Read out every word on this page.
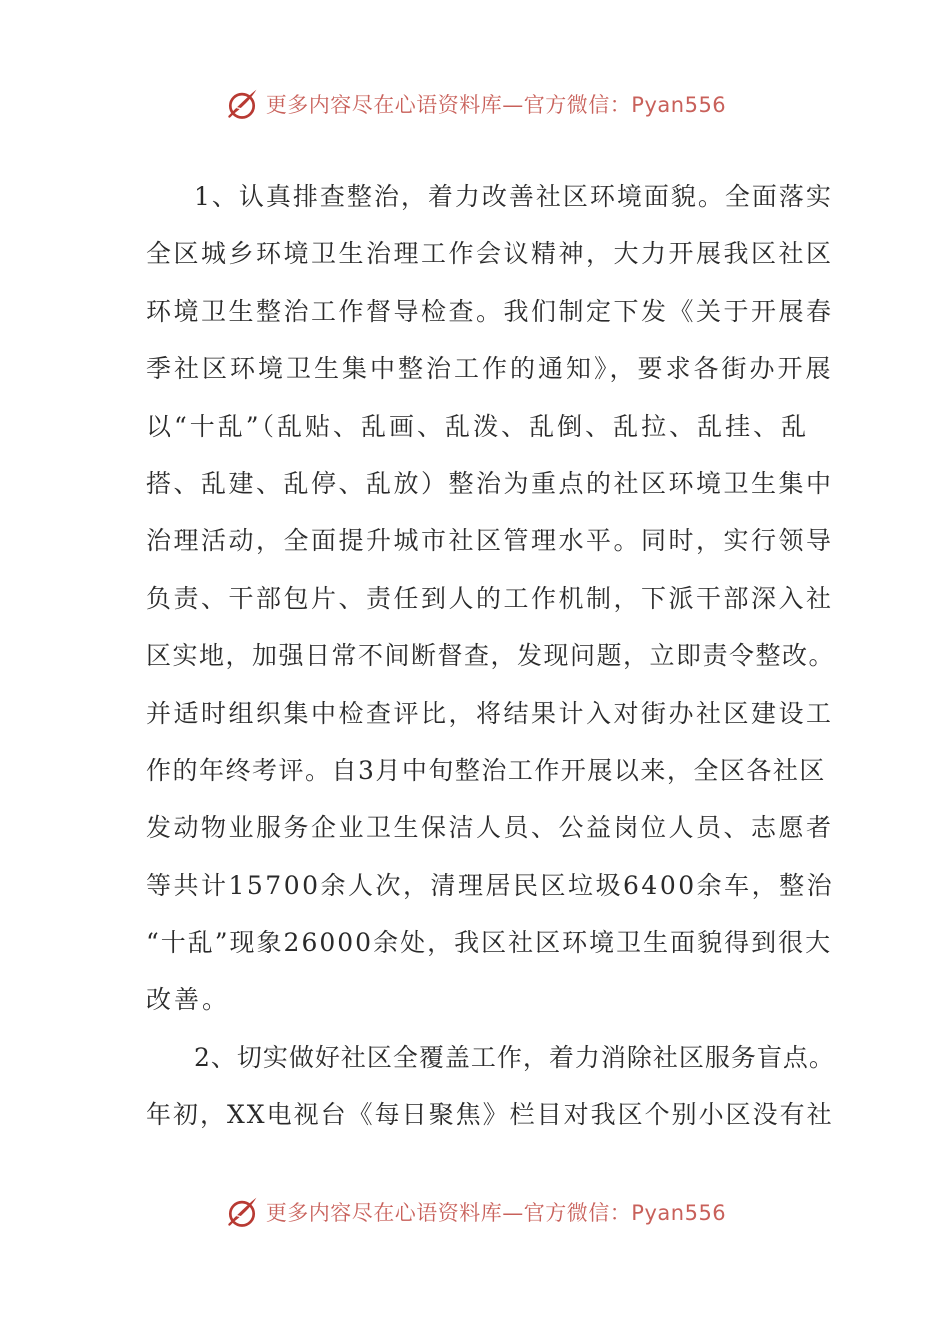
更多内容尽在心语资料库—官方微信：Pyan556
1、认真排查整治，着力改善社区环境面貌。全面落实
全区城乡环境卫生治理工作会议精神，大力开展我区社区
环境卫生整治工作督导检查。我们制定下发《关于开展春
季社区环境卫生集中整治工作的通知》，要求各街办开展
以“十乱”（乱贴、乱画、乱泼、乱倒、乱拉、乱挂、乱
搭、乱建、乱停、乱放）整治为重点的社区环境卫生集中
治理活动，全面提升城市社区管理水平。同时，实行领导
负责、干部包片、责任到人的工作机制，下派干部深入社
区实地，加强日常不间断督查，发现问题，立即责令整改。
并适时组织集中检查评比，将结果计入对街办社区建设工
作的年终考评。自3月中旬整治工作开展以来，全区各社区
发动物业服务企业卫生保洁人员、公益岗位人员、志愿者
等共计15700余人次，清理居民区垃圾6400余车，整治
“十乱”现象26000余处，我区社区环境卫生面貌得到很大
改善。
2、切实做好社区全覆盖工作，着力消除社区服务盲点。
年初，XX电视台《每日聚焦》栏目对我区个别小区没有社
更多内容尽在心语资料库—官方微信：Pyan556
